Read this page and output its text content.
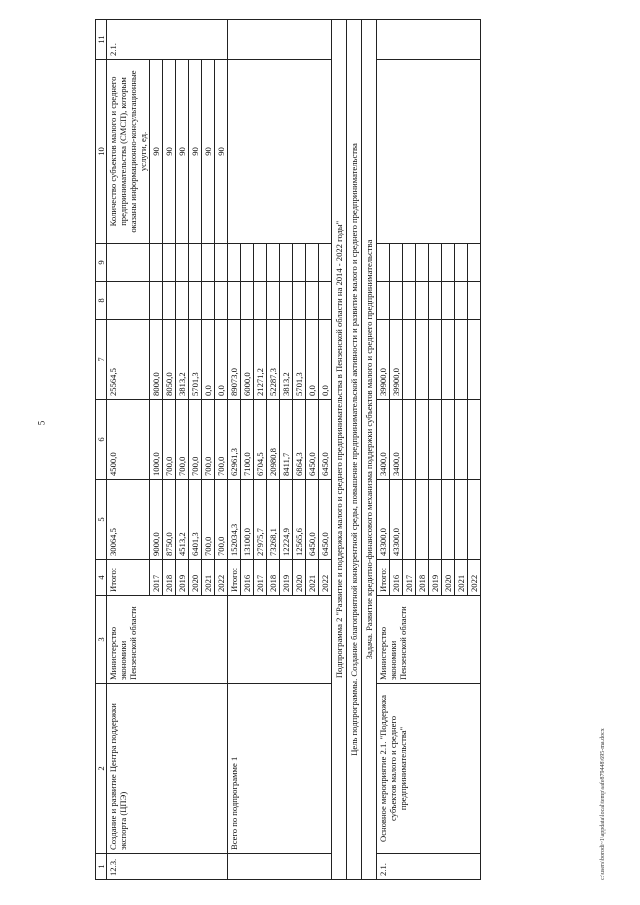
5
1	2	3	4	5	6	7	8	9	10	11
12.3.	Создание и развитие Центра поддержки экспорта (ЦПЭ)	Министерство экономики Пензенской области	Итого:	30064,5	4500,0	25564,5			Количество субъектов малого и среднего предпринимательства (СМСП), которым оказаны информационно-консультационные услуги, ед.	2.1.
			2017	9000,0	1000,0	8000,0			90	
			2018	8750,0	700,0	8050,0			90	
			2019	4513,2	700,0	3813,2			90	
			2020	6401,3	700,0	5701,3			90	
			2021	700,0	700,0	0,0			90	
			2022	700,0	700,0	0,0			90	
	Всего по подпрограмме 1		Итого:	152034,3	62961,3	89073,0				
			2016	13100,0	7100,0	6000,0				
			2017	27975,7	6704,5	21271,2				
			2018	73268,1	20980,8	52287,3				
			2019	12224,9	8411,7	3813,2				
			2020	12565,6	6864,3	5701,3				
			2021	6450,0	6450,0	0,0				
			2022	6450,0	6450,0	0,0				
Подпрограмма 2 "Развитие и поддержка малого и среднего предпринимательства в Пензенской области на 2014 - 2022 годы"										
Цель подпрограммы. Создание благоприятной конкурентной среды, повышение предпринимательской активности и развитие малого и среднего предпринимательства										
Задача. Развитие кредитно-финансового механизма поддержки субъектов малого и среднего предпринимательства										
2.1.	Основное мероприятие 2.1. "Поддержка субъектов малого и среднего предпринимательства"	Министерство экономики Пензенской области	Итого:	43300,0	3400,0	39900,0				
			2016	43300,0	3400,0	39900,0				
			2017							
			2018							
			2019							
			2020							
			2021							
			2022							
c:\users\borodi~1\appdata\local\temp\safe879448\695-ma.docx
